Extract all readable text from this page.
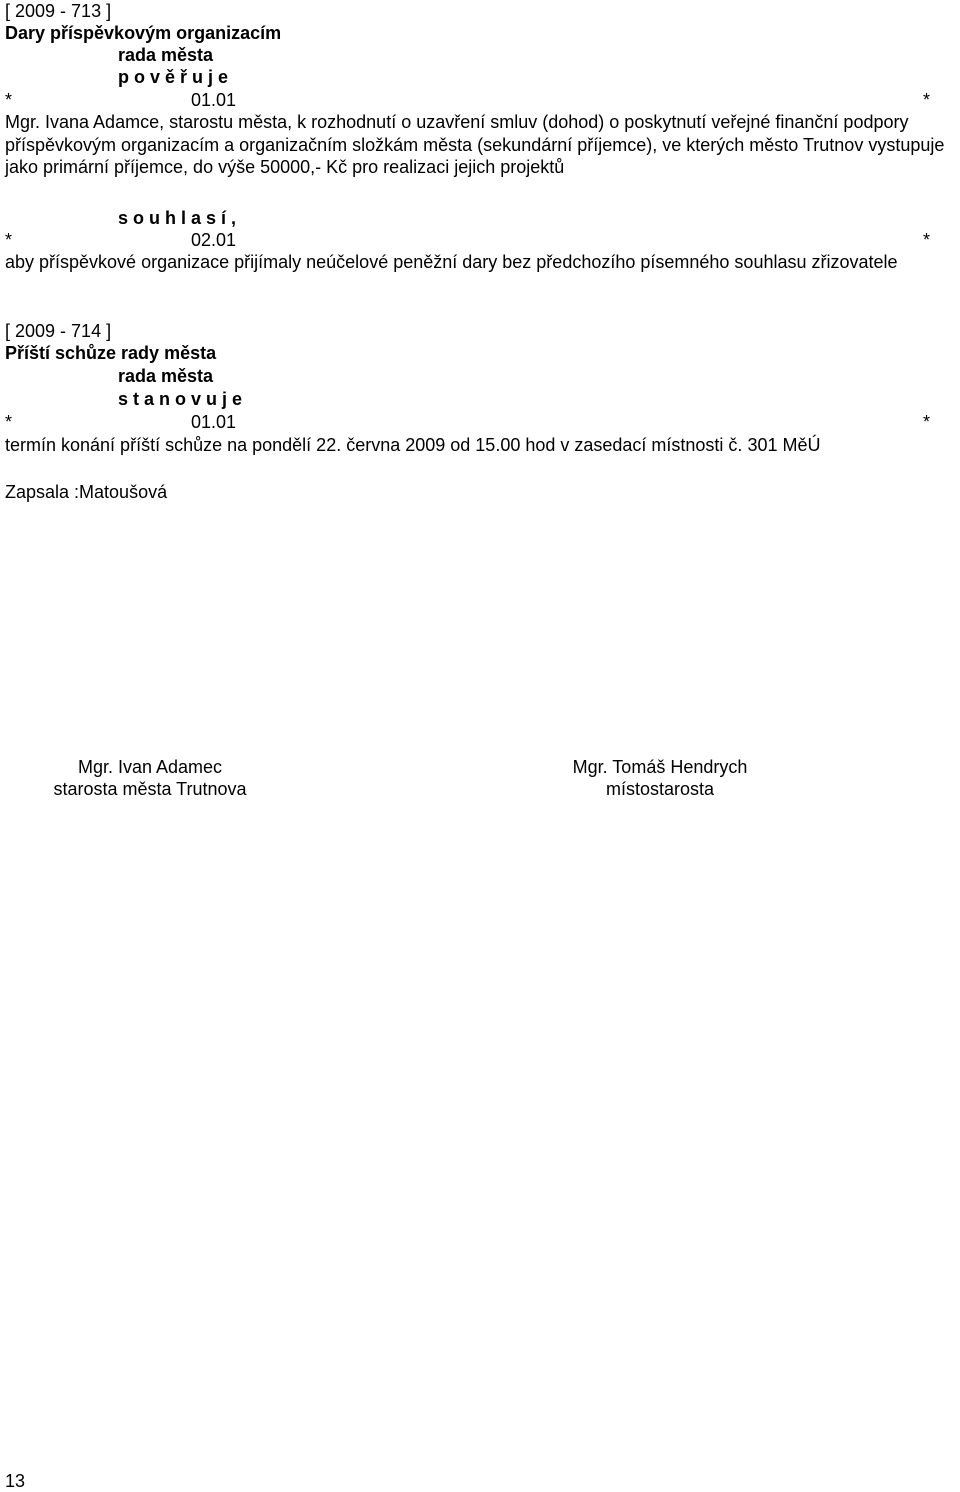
[ 2009 - 713 ]
Dary příspěvkovým organizacím
rada města
p o v ě ř u j e
*	01.01	*
Mgr. Ivana Adamce, starostu města, k rozhodnutí o uzavření smluv (dohod) o poskytnutí veřejné finanční podpory příspěvkovým organizacím a organizačním složkám města (sekundární příjemce), ve kterých město Trutnov vystupuje jako primární příjemce, do výše 50000,- Kč pro realizaci jejich projektů
s o u h l a s í ,
*	02.01	*
aby příspěvkové organizace přijímaly neúčelové peněžní dary bez předchozího písemného souhlasu zřizovatele
[ 2009 - 714 ]
Příští schůze rady města
rada města
s t a n o v u j e
*	01.01	*
termín konání příští schůze na pondělí 22. června 2009 od 15.00 hod v zasedací místnosti č. 301 MěÚ
Zapsala :Matoušová
Mgr. Ivan Adamec
starosta města Trutnova
Mgr. Tomáš Hendrych
místostarosta
13
